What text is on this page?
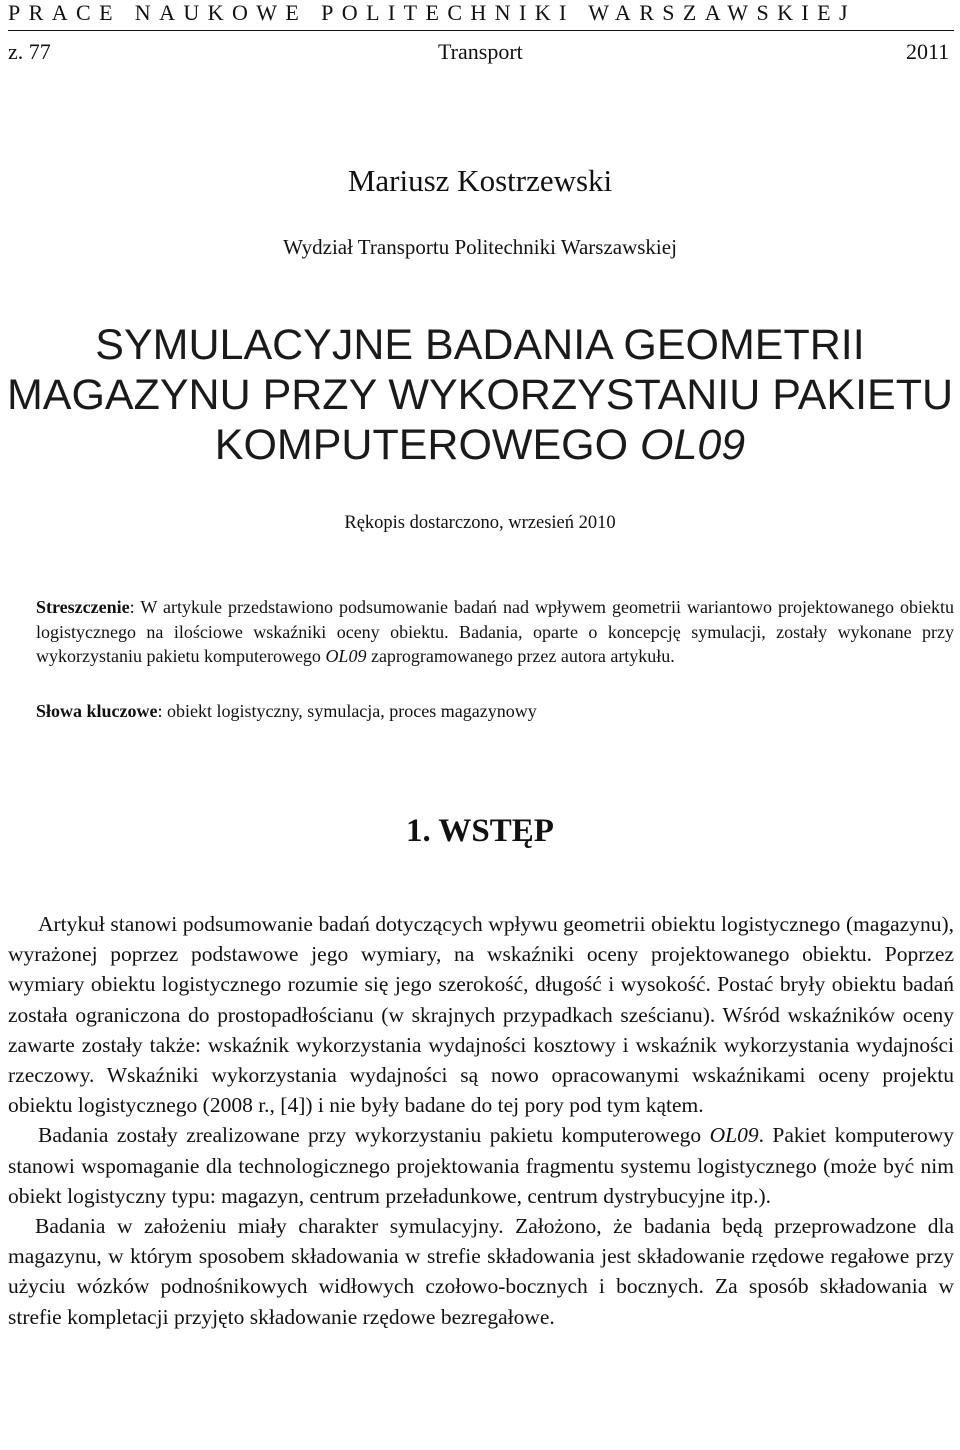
PRACE NAUKOWE POLITECHNIKI WARSZAWSKIEJ
z. 77	Transport	2011
Mariusz Kostrzewski
Wydział Transportu Politechniki Warszawskiej
SYMULACYJNE BADANIA GEOMETRII
MAGAZYNU PRZY WYKORZYSTANIU PAKIETU
KOMPUTEROWEGO OL09
Rękopis dostarczono, wrzesień 2010

Streszczenie: W artykule przedstawiono podsumowanie badań nad wpływem geometrii wariantowo projektowanego obiektu logistycznego na ilościowe wskaźniki oceny obiektu. Badania, oparte o koncepcję symulacji, zostały wykonane przy wykorzystaniu pakietu komputerowego OL09 zaprogramowanego przez autora artykułu.

Słowa kluczowe: obiekt logistyczny, symulacja, proces magazynowy
1. WSTĘP

Artykuł stanowi podsumowanie badań dotyczących wpływu geometrii obiektu logistycznego (magazynu), wyrażonej poprzez podstawowe jego wymiary, na wskaźniki oceny projektowanego obiektu. Poprzez wymiary obiektu logistycznego rozumie się jego szerokość, długość i wysokość. Postać bryły obiektu badań została ograniczona do prostopadłościanu (w skrajnych przypadkach sześcianu). Wśród wskaźników oceny zawarte zostały także: wskaźnik wykorzystania wydajności kosztowy i wskaźnik wykorzystania wydajności rzeczowy. Wskaźniki wykorzystania wydajności są nowo opracowanymi wskaźnikami oceny projektu obiektu logistycznego (2008 r., [4]) i nie były badane do tej pory pod tym kątem.

Badania zostały zrealizowane przy wykorzystaniu pakietu komputerowego OL09. Pakiet komputerowy stanowi wspomaganie dla technologicznego projektowania fragmentu systemu logistycznego (może być nim obiekt logistyczny typu: magazyn, centrum przeładunkowe, centrum dystrybucyjne itp.).

Badania w założeniu miały charakter symulacyjny. Założono, że badania będą przeprowadzone dla magazynu, w którym sposobem składowania w strefie składowania jest składowanie rzędowe regałowe przy użyciu wózków podnośnikowych widłowych czołowo-bocznych i bocznych. Za sposób składowania w strefie kompletacji przyjęto składowanie rzędowe bezregałowe.
